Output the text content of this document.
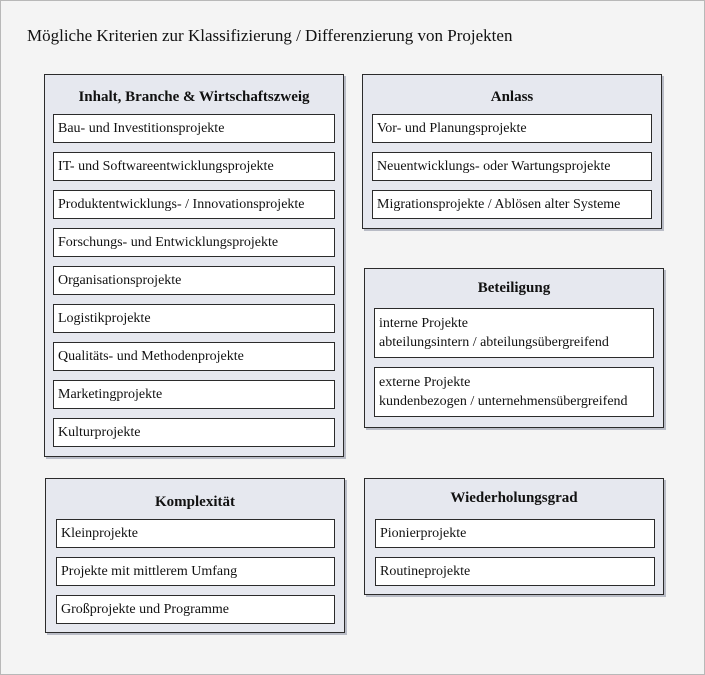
Mögliche Kriterien zur Klassifizierung / Differenzierung von Projekten
Inhalt, Branche & Wirtschaftszweig
Bau- und Investitionsprojekte
IT- und Softwareentwicklungsprojekte
Produktentwicklungs- / Innovationsprojekte
Forschungs- und Entwicklungsprojekte
Organisationsprojekte
Logistikprojekte
Qualitäts- und Methodenprojekte
Marketingprojekte
Kulturprojekte
Anlass
Vor- und Planungsprojekte
Neuentwicklungs- oder Wartungsprojekte
Migrationsprojekte / Ablösen alter Systeme
Beteiligung
interne Projekte
abteilungsintern / abteilungsübergreifend
externe Projekte
kundenbezogen / unternehmensübergreifend
Komplexität
Kleinprojekte
Projekte mit mittlerem Umfang
Großprojekte und Programme
Wiederholungsgrad
Pionierprojekte
Routineprojekte
